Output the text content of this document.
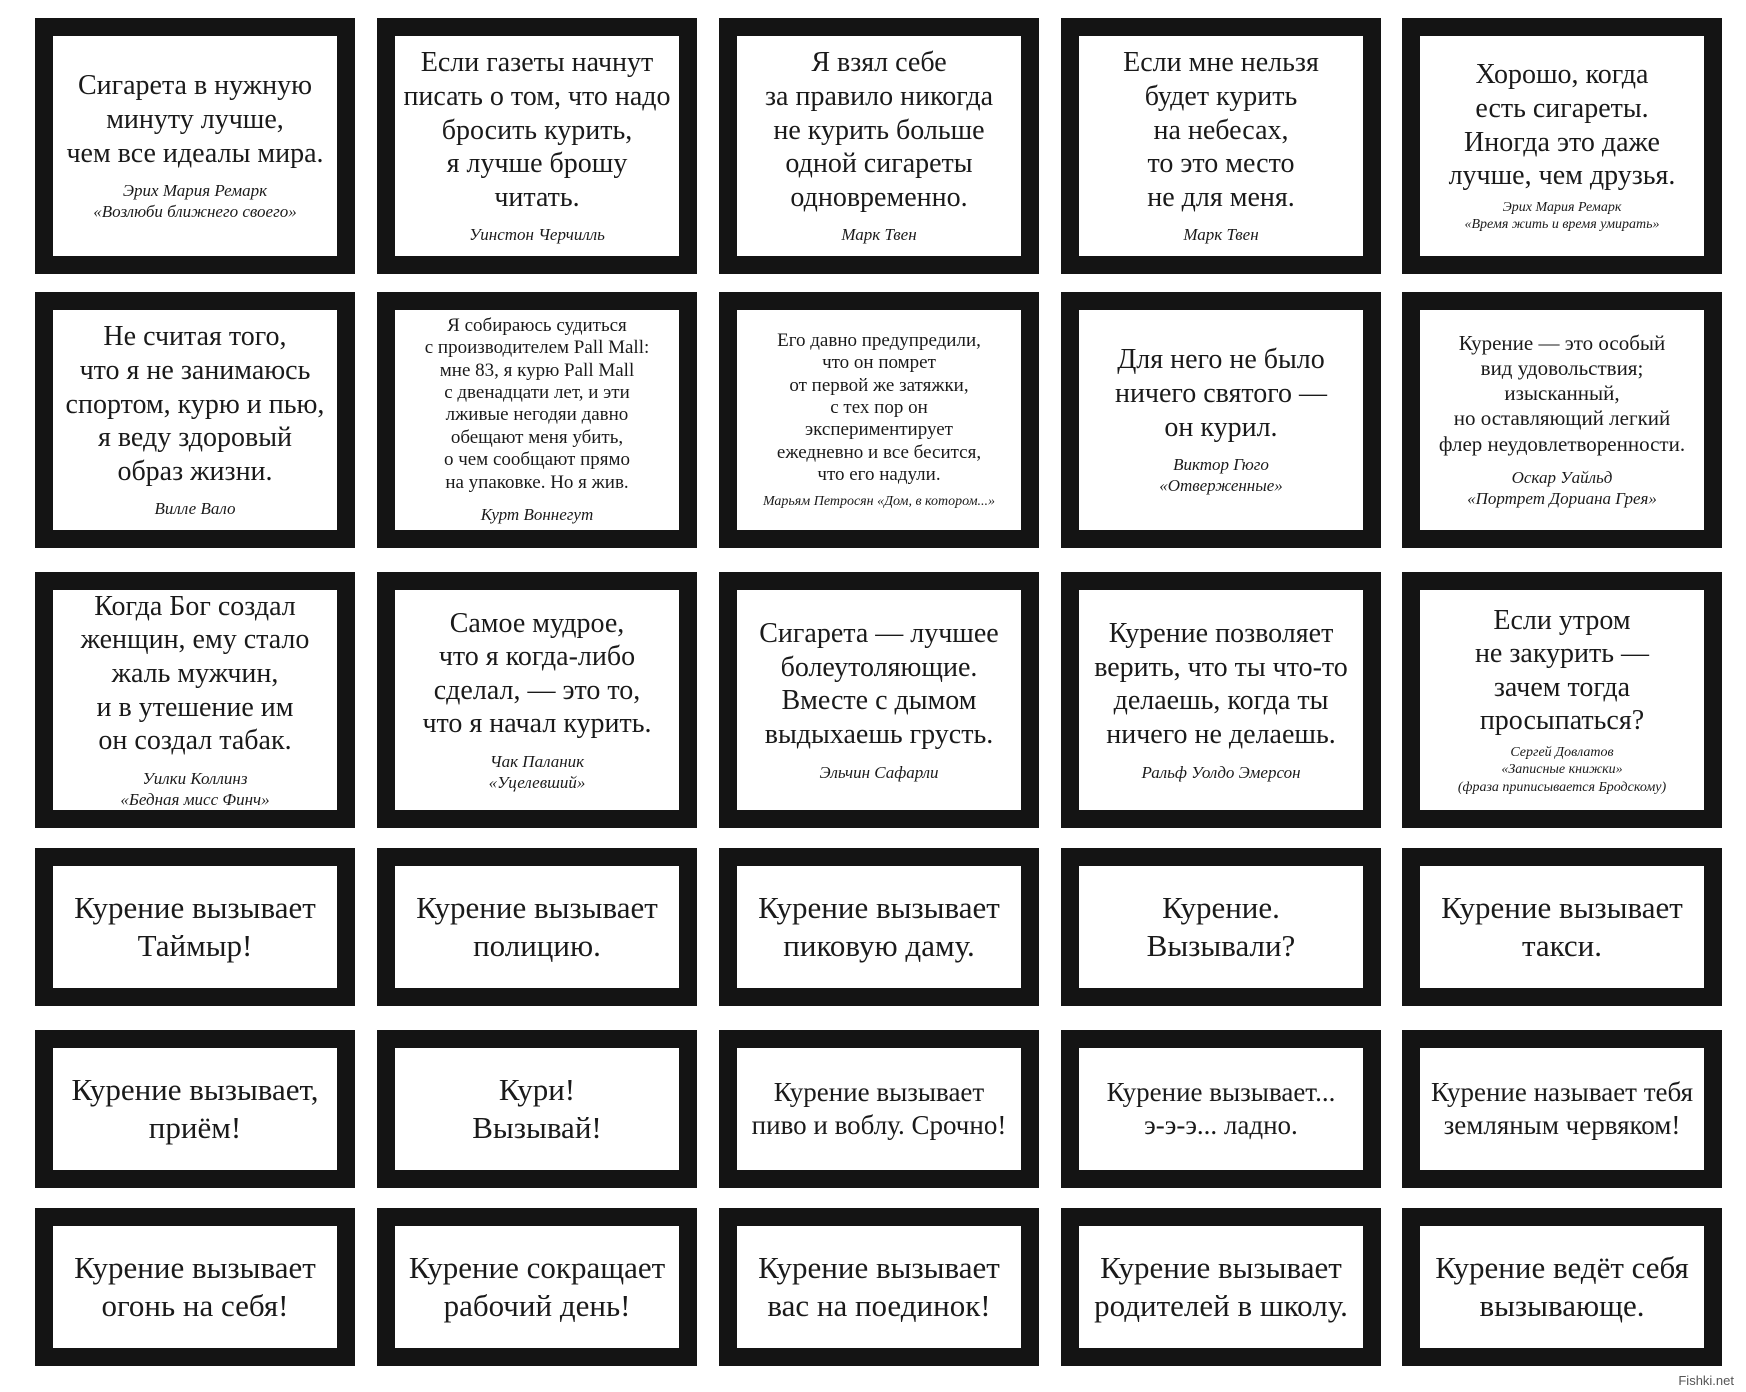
Сигарета в нужную
минуту лучше,
чем все идеалы мира.
Эрих Мария Ремарк
«Возлюби ближнего своего»
Если газеты начнут
писать о том, что надо
бросить курить,
я лучше брошу читать.
Уинстон Черчилль
Я взял себе
за правило никогда
не курить больше
одной сигареты
одновременно.
Марк Твен
Если мне нельзя
будет курить
на небесах,
то это место
не для меня.
Марк Твен
Хорошо, когда
есть сигареты.
Иногда это даже
лучше, чем друзья.
Эрих Мария Ремарк
«Время жить и время умирать»
Не считая того,
что я не занимаюсь
спортом, курю и пью,
я веду здоровый
образ жизни.
Вилле Вало
Я собираюсь судиться
с производителем Pall Mall:
мне 83, я курю Pall Mall
с двенадцати лет, и эти
лживые негодяи давно
обещают меня убить,
о чем сообщают прямо
на упаковке. Но я жив.
Курт Воннегут
Его давно предупредили,
что он помрет
от первой же затяжки,
с тех пор он
экспериментирует
ежедневно и все бесится,
что его надули.
Марьям Петросян «Дом, в котором...»
Для него не было
ничего святого —
он курил.
Виктор Гюго
«Отверженные»
Курение — это особый
вид удовольствия;
изысканный,
но оставляющий легкий
флер неудовлетворенности.
Оскар Уайльд
«Портрет Дориана Грея»
Когда Бог создал
женщин, ему стало
жаль мужчин,
и в утешение им
он создал табак.
Уилки Коллинз
«Бедная мисс Финч»
Самое мудрое,
что я когда-либо
сделал, — это то,
что я начал курить.
Чак Паланик
«Уцелевший»
Сигарета — лучшее
болеутоляющие.
Вместе с дымом
выдыхаешь грусть.
Эльчин Сафарли
Курение позволяет
верить, что ты что-то
делаешь, когда ты
ничего не делаешь.
Ральф Уолдо Эмерсон
Если утром
не закурить —
зачем тогда
просыпаться?
Сергей Довлатов
«Записные книжки»
(фраза приписывается Бродскому)
Курение вызывает
Таймыр!
Курение вызывает
полицию.
Курение вызывает
пиковую даму.
Курение.
Вызывали?
Курение вызывает
такси.
Курение вызывает,
приём!
Кури!
Вызывай!
Курение вызывает
пиво и воблу. Срочно!
Курение вызывает...
э-э-э... ладно.
Курение называет тебя
земляным червяком!
Курение вызывает
огонь на себя!
Курение сокращает
рабочий день!
Курение вызывает
вас на поединок!
Курение вызывает
родителей в школу.
Курение ведёт себя
вызывающе.
Fishki.net
